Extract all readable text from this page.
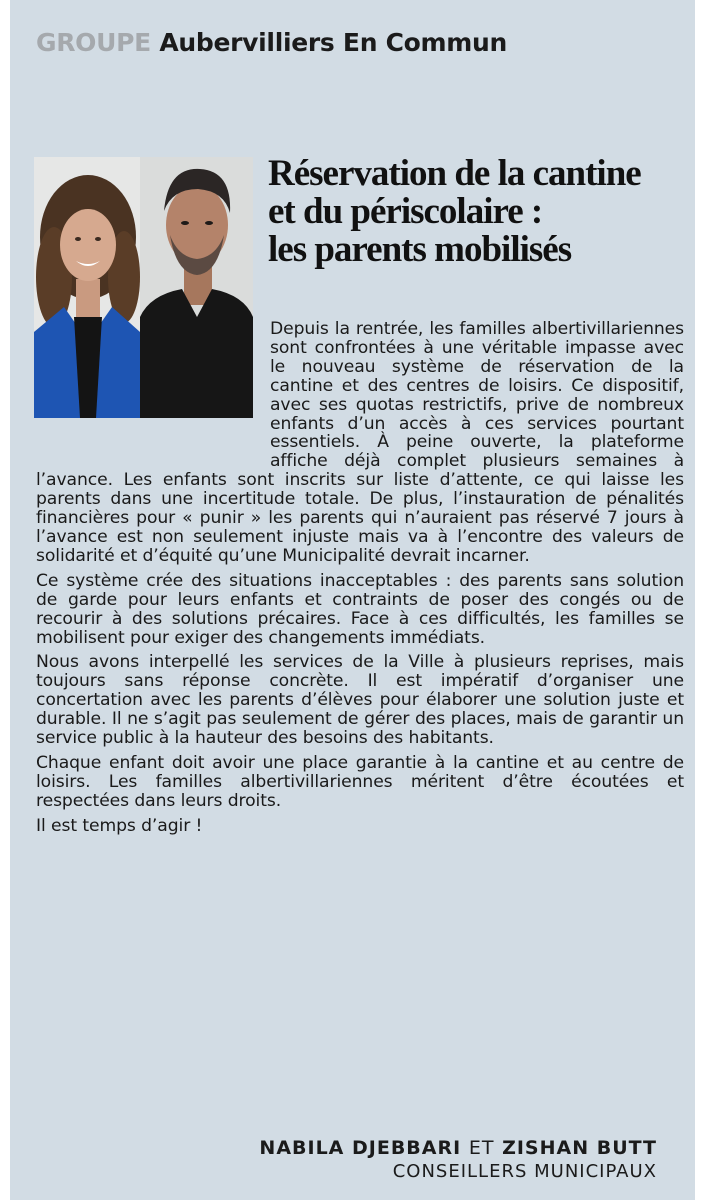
GROUPE Aubervilliers En Commun
Réservation de la cantine
et du périscolaire :
les parents mobilisés

Depuis la rentrée, les familles albertivillariennes sont confrontées à une véritable impasse avec le nouveau système de réservation de la cantine et des centres de loisirs. Ce dispositif, avec ses quotas restrictifs, prive de nombreux enfants d’un accès à ces services pourtant essentiels. À peine ouverte, la plateforme affiche déjà complet plusieurs semaines à l’avance. Les enfants sont inscrits sur liste d’attente, ce qui laisse les parents dans une incertitude totale. De plus, l’instauration de pénalités financières pour « punir » les parents qui n’auraient pas réservé 7 jours à l’avance est non seulement injuste mais va à l’encontre des valeurs de solidarité et d’équité qu’une Municipalité devrait incarner.

Ce système crée des situations inacceptables : des parents sans solution de garde pour leurs enfants et contraints de poser des congés ou de recourir à des solutions précaires. Face à ces difficultés, les familles se mobilisent pour exiger des changements immédiats.

Nous avons interpellé les services de la Ville à plusieurs reprises, mais toujours sans réponse concrète. Il est impératif d’organiser une concertation avec les parents d’élèves pour élaborer une solution juste et durable. Il ne s’agit pas seulement de gérer des places, mais de garantir un service public à la hauteur des besoins des habitants.

Chaque enfant doit avoir une place garantie à la cantine et au centre de loisirs. Les familles albertivillariennes méritent d’être écoutées et respectées dans leurs droits.

Il est temps d’agir !

NABILA DJEBBARI ET ZISHAN BUTT
CONSEILLERS MUNICIPAUX
